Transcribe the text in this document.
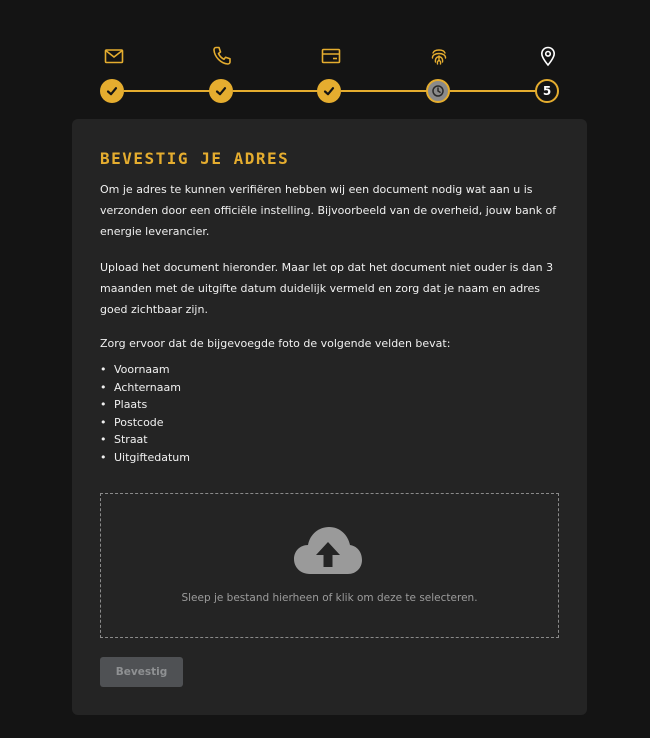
5
BEVESTIG JE ADRES

Om je adres te kunnen verifiëren hebben wij een document nodig wat aan u is verzonden door een officiële instelling. Bijvoorbeeld van de overheid, jouw bank of energie leverancier.

Upload het document hieronder. Maar let op dat het document niet ouder is dan 3 maanden met de uitgifte datum duidelijk vermeld en zorg dat je naam en adres goed zichtbaar zijn.

Zorg ervoor dat de bijgevoegde foto de volgende velden bevat:

• Voornaam
• Achternaam
• Plaats
• Postcode
• Straat
• Uitgiftedatum
Sleep je bestand hierheen of klik om deze te selecteren.
Bevestig
